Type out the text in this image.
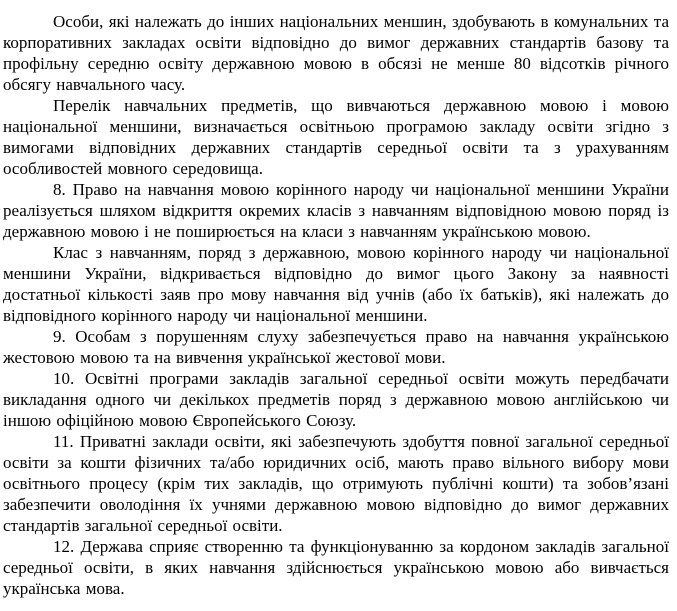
Особи, які належать до інших національних меншин, здобувають в комунальних та корпоративних закладах освіти відповідно до вимог державних стандартів базову та профільну середню освіту державною мовою в обсязі не менше 80 відсотків річного обсягу навчального часу.

Перелік навчальних предметів, що вивчаються державною мовою і мовою національної меншини, визначається освітньою програмою закладу освіти згідно з вимогами відповідних державних стандартів середньої освіти та з урахуванням особливостей мовного середовища.

8. Право на навчання мовою корінного народу чи національної меншини України реалізується шляхом відкриття окремих класів з навчанням відповідною мовою поряд із державною мовою і не поширюється на класи з навчанням українською мовою.

Клас з навчанням, поряд з державною, мовою корінного народу чи національної меншини України, відкривається відповідно до вимог цього Закону за наявності достатньої кількості заяв про мову навчання від учнів (або їх батьків), які належать до відповідного корінного народу чи національної меншини.

9. Особам з порушенням слуху забезпечується право на навчання українською жестовою мовою та на вивчення української жестової мови.

10. Освітні програми закладів загальної середньої освіти можуть передбачати викладання одного чи декількох предметів поряд з державною мовою англійською чи іншою офіційною мовою Європейського Союзу.

11. Приватні заклади освіти, які забезпечують здобуття повної загальної середньої освіти за кошти фізичних та/або юридичних осіб, мають право вільного вибору мови освітнього процесу (крім тих закладів, що отримують публічні кошти) та зобов’язані забезпечити оволодіння їх учнями державною мовою відповідно до вимог державних стандартів загальної середньої освіти.

12. Держава сприяє створенню та функціонуванню за кордоном закладів загальної середньої освіти, в яких навчання здійснюється українською мовою або вивчається українська мова.
